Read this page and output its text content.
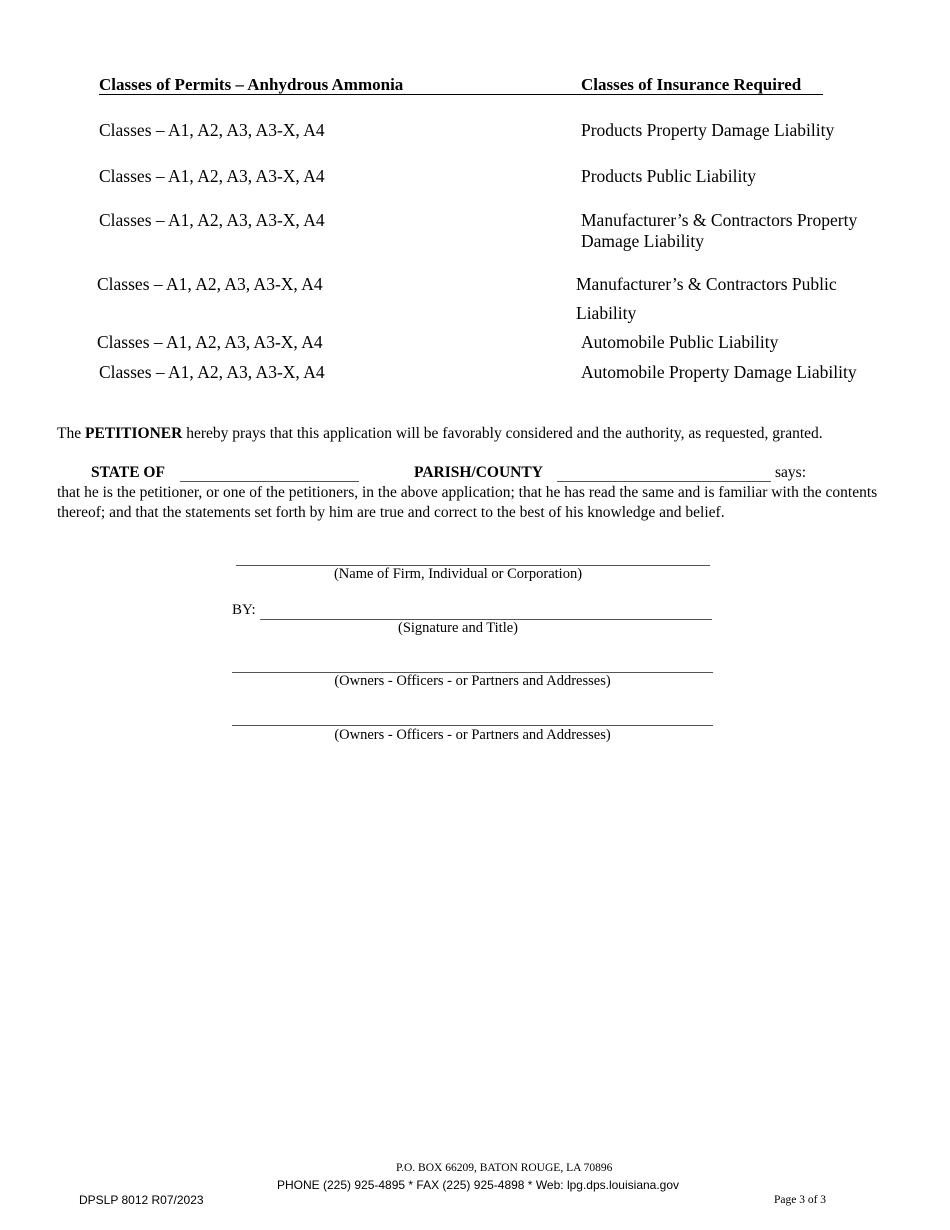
Classes of Permits – Anhydrous Ammonia	Classes of Insurance Required
Classes – A1, A2, A3, A3-X, A4	Products Property Damage Liability
Classes – A1, A2, A3, A3-X, A4	Products Public Liability
Classes – A1, A2, A3, A3-X, A4	Manufacturer’s & Contractors Property
Damage Liability
Classes – A1, A2, A3, A3-X, A4	Manufacturer’s & Contractors Public
Liability
Classes – A1, A2, A3, A3-X, A4	Automobile Public Liability
Classes – A1, A2, A3, A3-X, A4	Automobile Property Damage Liability
The PETITIONER hereby prays that this application will be favorably considered and the authority, as requested, granted.
STATE OF	PARISH/COUNTY	says:
that he is the petitioner, or one of the petitioners, in the above application; that he has read the same and is familiar with the contents thereof; and that the statements set forth by him are true and correct to the best of his knowledge and belief.
(Name of Firm, Individual or Corporation)
BY:
(Signature and Title)
(Owners - Officers - or Partners and Addresses)
(Owners - Officers - or Partners and Addresses)
P.O. BOX 66209, BATON ROUGE, LA 70896
PHONE (225) 925-4895 * FAX (225) 925-4898 * Web: lpg.dps.louisiana.gov
DPSLP 8012 R07/2023	Page 3 of 3
